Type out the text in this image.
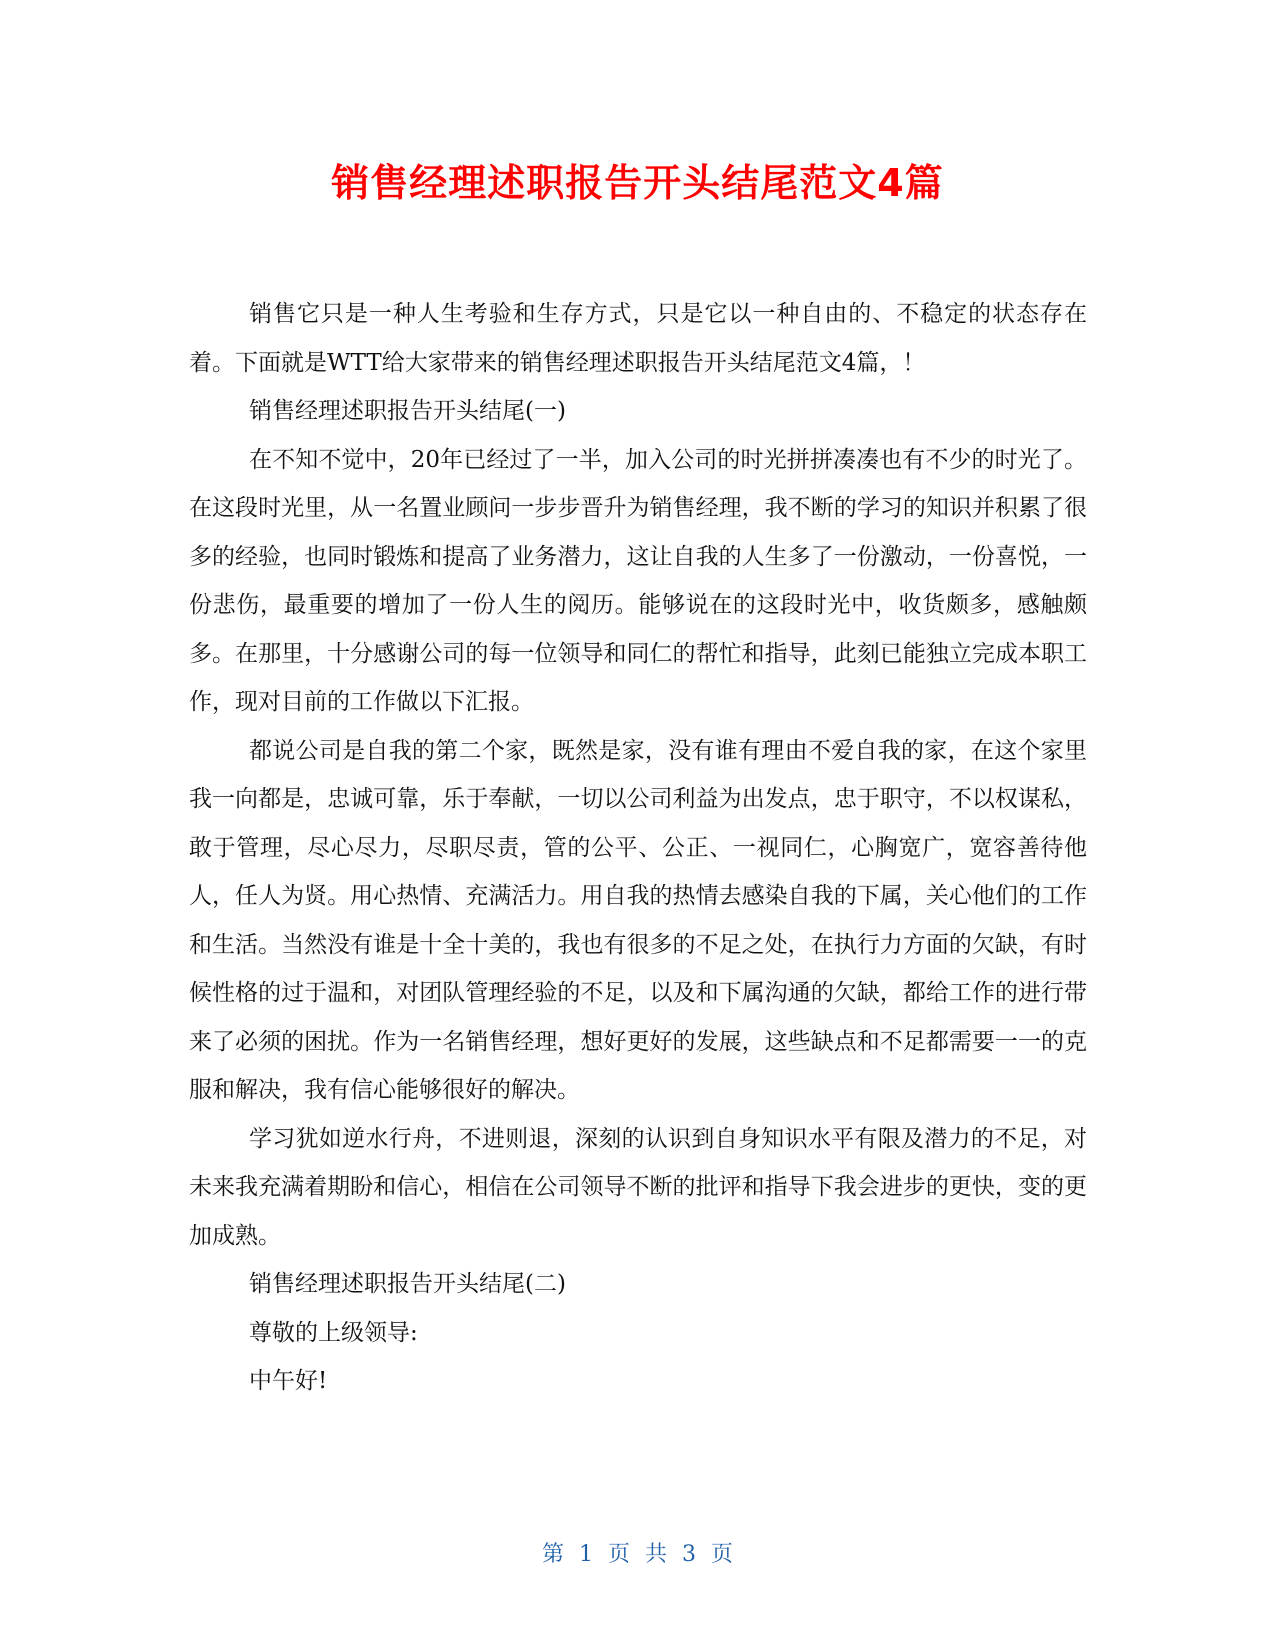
销售经理述职报告开头结尾范文4篇

销售它只是一种人生考验和生存方式，只是它以一种自由的、不稳定的状态存在着。下面就是WTT给大家带来的销售经理述职报告开头结尾范文4篇，！

销售经理述职报告开头结尾(一)

在不知不觉中，20年已经过了一半，加入公司的时光拼拼凑凑也有不少的时光了。在这段时光里，从一名置业顾问一步步晋升为销售经理，我不断的学习的知识并积累了很多的经验，也同时锻炼和提高了业务潜力，这让自我的人生多了一份激动，一份喜悦，一份悲伤，最重要的增加了一份人生的阅历。能够说在的这段时光中，收货颇多，感触颇多。在那里，十分感谢公司的每一位领导和同仁的帮忙和指导，此刻已能独立完成本职工作，现对目前的工作做以下汇报。

都说公司是自我的第二个家，既然是家，没有谁有理由不爱自我的家，在这个家里我一向都是，忠诚可靠，乐于奉献，一切以公司利益为出发点，忠于职守，不以权谋私，敢于管理，尽心尽力，尽职尽责，管的公平、公正、一视同仁，心胸宽广，宽容善待他人，任人为贤。用心热情、充满活力。用自我的热情去感染自我的下属，关心他们的工作和生活。当然没有谁是十全十美的，我也有很多的不足之处，在执行力方面的欠缺，有时候性格的过于温和，对团队管理经验的不足，以及和下属沟通的欠缺，都给工作的进行带来了必须的困扰。作为一名销售经理，想好更好的发展，这些缺点和不足都需要一一的克服和解决，我有信心能够很好的解决。

学习犹如逆水行舟，不进则退，深刻的认识到自身知识水平有限及潜力的不足，对未来我充满着期盼和信心，相信在公司领导不断的批评和指导下我会进步的更快，变的更加成熟。

销售经理述职报告开头结尾(二)

尊敬的上级领导:

中午好!

第 1 页 共 3 页
